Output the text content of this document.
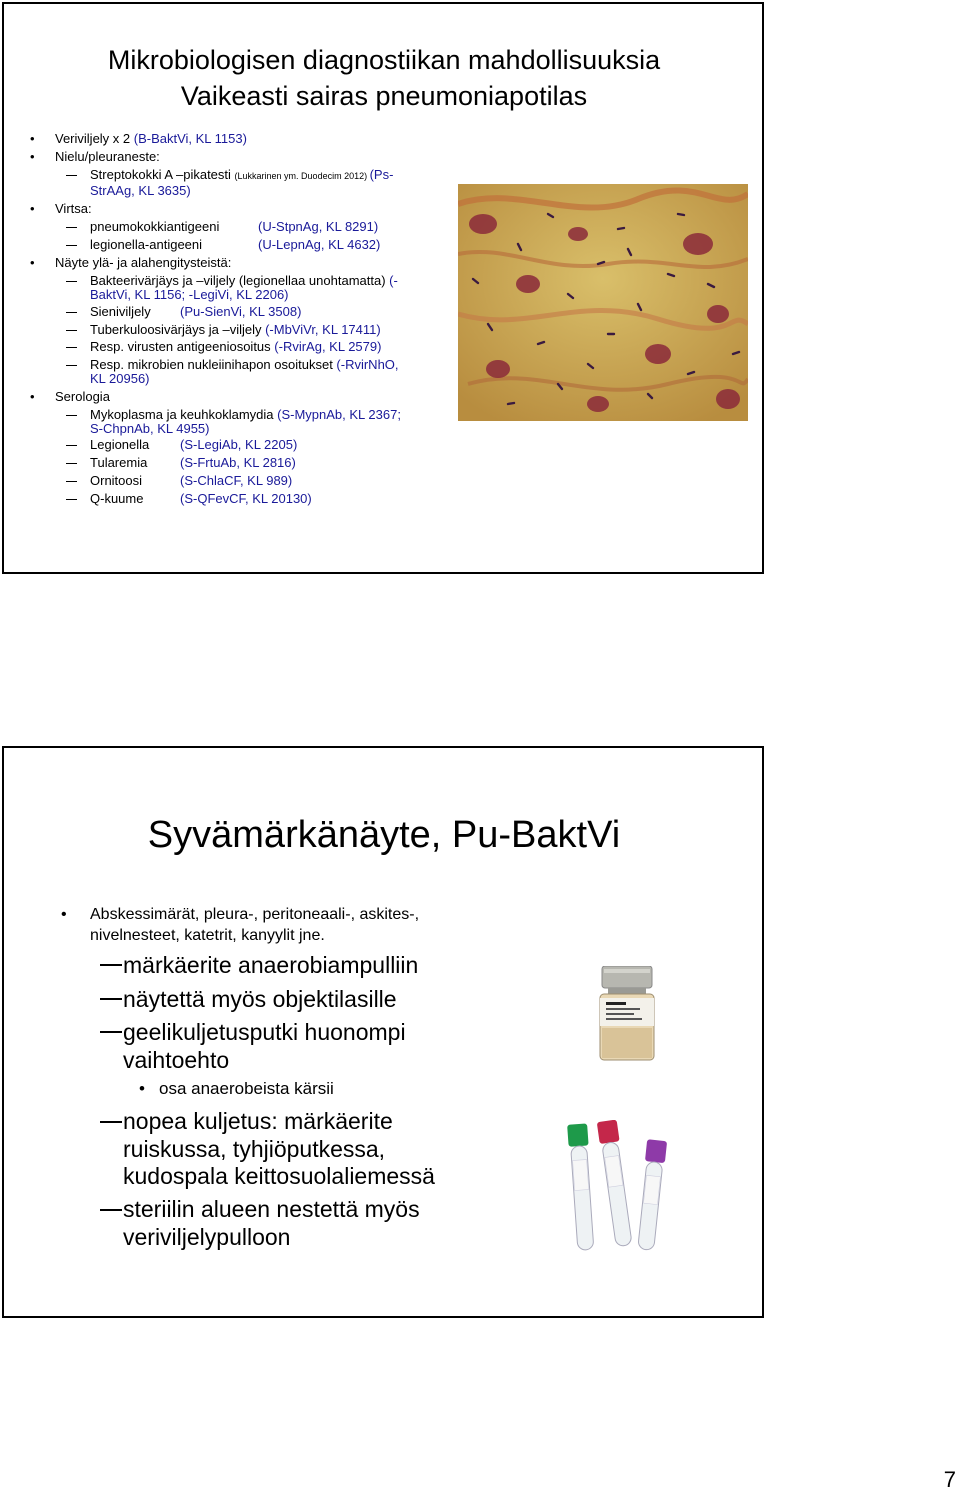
Mikrobiologisen diagnostiikan mahdollisuuksia
Vaikeasti sairas pneumoniapotilas
• Veriviljely x 2 (B-BaktVi, KL 1153)
• Nielu/pleuraneste:
Streptokokki A –pikatesti (Lukkarinen ym. Duodecim 2012) (Ps-
StrAAg, KL 3635)
• Virtsa:
pneumokokkiantigeeni	(U-StpnAg, KL 8291)
legionella-antigeeni	(U-LepnAg, KL 4632)
• Näyte ylä- ja alahengitysteistä:
Bakteerivärjäys ja –viljely (legionellaa unohtamatta) (-
BaktVi, KL 1156; -LegiVi, KL 2206)
Sieniviljely (Pu-SienVi, KL 3508)
Tuberkuloosivärjäys ja –viljely (-MbViVr, KL 17411)
Resp. virusten antigeeniosoitus (-RvirAg, KL 2579)
Resp. mikrobien nukleiinihapon osoitukset (-RvirNhO,
KL 20956)
• Serologia
Mykoplasma ja keuhkoklamydia (S-MypnAb, KL 2367;
S-ChpnAb, KL 4955)
Legionella (S-LegiAb, KL 2205)
Tularemia	(S-FrtuAb, KL 2816)
Ornitoosi	(S-ChlaCF, KL 989)
Q-kuume	(S-QFevCF, KL 20130)
Syvämärkänäyte, Pu-BaktVi
• Abskessimärät, pleura-, peritoneaali-, askites-,
nivelnesteet, katetrit, kanyylit jne.
märkäerite anaerobiampulliin
näytettä myös objektilasille
geelikuljetusputki huonompi
vaihtoehto
• osa anaerobeista kärsii
nopea kuljetus: märkäerite
ruiskussa, tyhjiöputkessa,
kudospala keittosuolaliemessä
steriilin alueen nestettä myös
veriviljelypulloon
7
